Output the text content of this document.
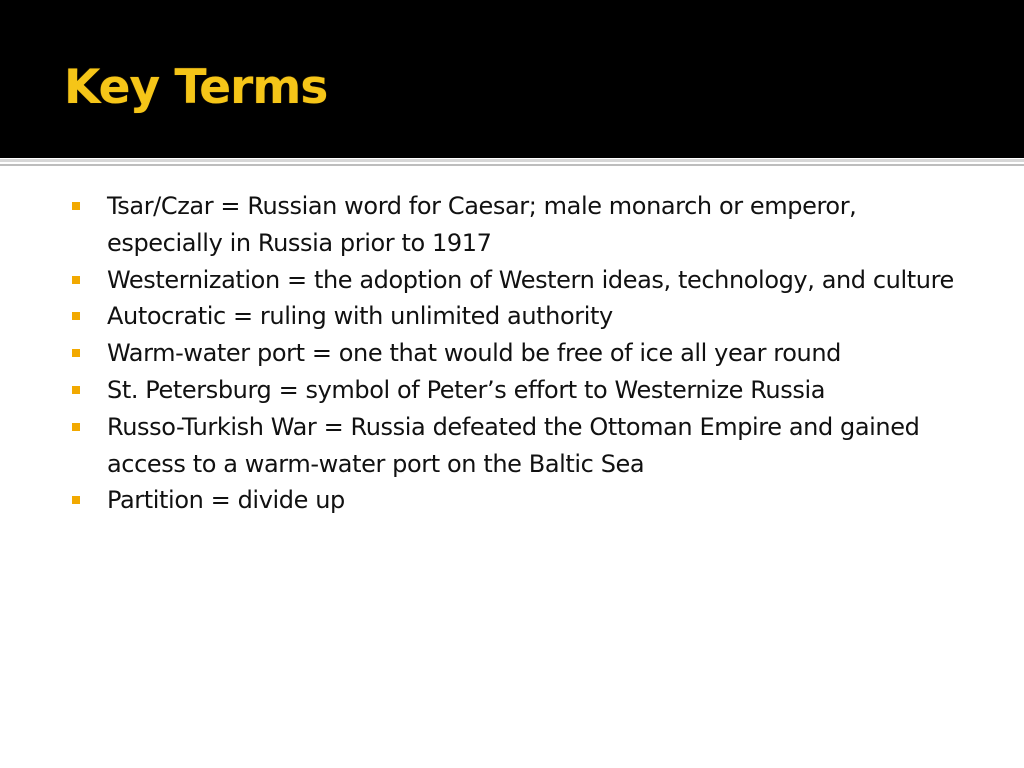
Key Terms
Tsar/Czar = Russian word for Caesar; male monarch or emperor, especially in Russia prior to 1917
Westernization = the adoption of Western ideas, technology, and culture
Autocratic = ruling with unlimited authority
Warm-water port = one that would be free of ice all year round
St. Petersburg = symbol of Peter’s effort to Westernize Russia
Russo-Turkish War = Russia defeated the Ottoman Empire and gained access to a warm-water port on the Baltic Sea
Partition = divide up
